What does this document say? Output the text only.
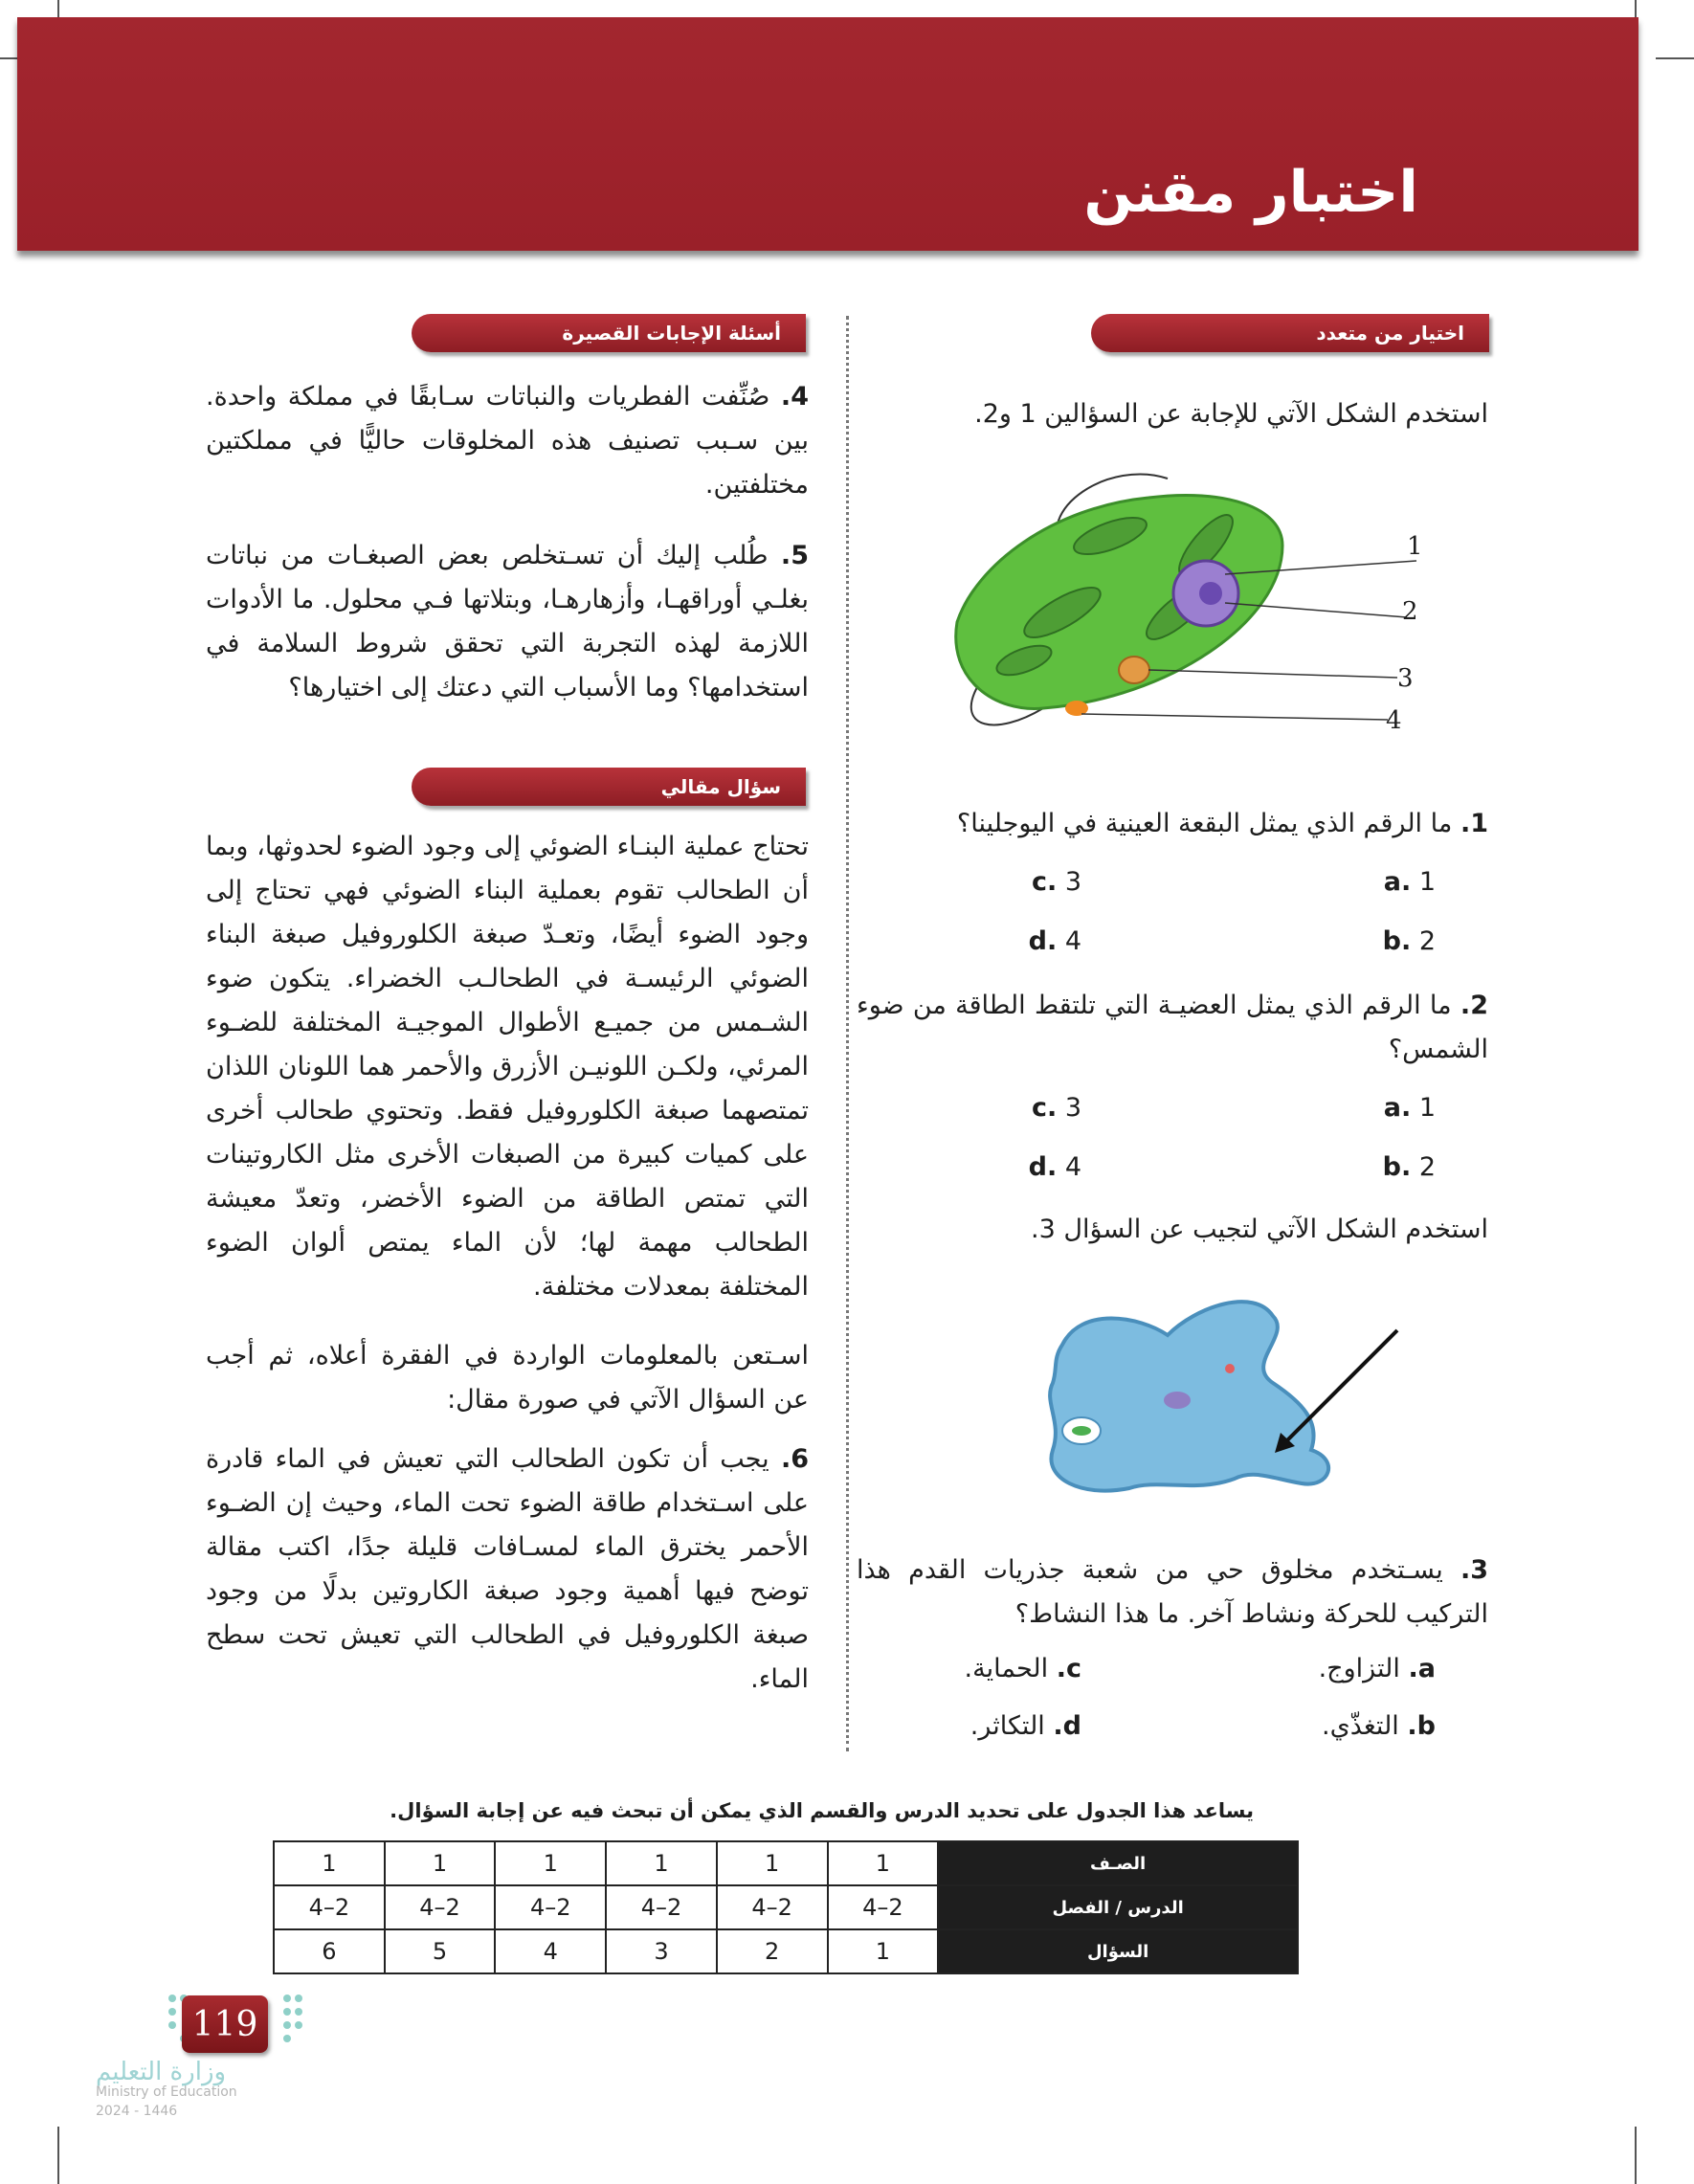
اختبار مقنن
اختيار من متعدد
أسئلة الإجابات القصيرة
سؤال مقالي
استخدم الشكل الآتي للإجابة عن السؤالين 1 و2.
1
2
3
4
1. ما الرقم الذي يمثل البقعة العينية في اليوجلينا؟
a. 1
c. 3
b. 2
d. 4
2. ما الرقم الذي يمثل العضيـة التي تلتقط الطاقة من ضوء الشمس؟
a. 1
c. 3
b. 2
d. 4
استخدم الشكل الآتي لتجيب عن السؤال 3.
3. يسـتخدم مخلوق حي من شعبة جذريات القدم هذا التركيب للحركة ونشاط آخر. ما هذا النشاط؟
a. التزاوج.
c. الحماية.
b. التغذّي.
d. التكاثر.
4. صُنِّفت الفطريات والنباتات سـابقًا في مملكة واحدة. بين سـبب تصنيف هذه المخلوقات حاليًّا في مملكتين مختلفتين.
5. طُلب إليك أن تسـتخلص بعض الصبغـات من نباتات بغلـي أوراقهـا، وأزهارهـا، وبتلاتها فـي محلول. ما الأدوات اللازمة لهذه التجربة التي تحقق شروط السلامة في استخدامها؟ وما الأسباب التي دعتك إلى اختيارها؟
تحتاج عملية البنـاء الضوئي إلى وجود الضوء لحدوثها، وبما أن الطحالب تقوم بعملية البناء الضوئي فهي تحتاج إلى وجود الضوء أيضًا، وتعـدّ صبغة الكلوروفيل صبغة البناء الضوئي الرئيسـة في الطحالـب الخضراء. يتكون ضوء الشـمس من جميـع الأطوال الموجيـة المختلفة للضـوء المرئي، ولكـن اللونيـن الأزرق والأحمر هما اللونان اللذان تمتصهما صبغة الكلوروفيل فقط. وتحتوي طحالب أخرى على كميات كبيرة من الصبغات الأخرى مثل الكاروتينات التي تمتص الطاقة من الضوء الأخضر، وتعدّ معيشة الطحالب مهمة لها؛ لأن الماء يمتص ألوان الضوء المختلفة بمعدلات مختلفة.
اسـتعن بالمعلومات الواردة في الفقرة أعلاه، ثم أجب عن السؤال الآتي في صورة مقال:
6. يجب أن تكون الطحالب التي تعيش في الماء قادرة على اسـتخدام طاقة الضوء تحت الماء، وحيث إن الضـوء الأحمر يخترق الماء لمسـافات قليلة جدًا، اكتب مقالة توضح فيها أهمية وجود صبغة الكاروتين بدلًا من وجود صبغة الكلوروفيل في الطحالب التي تعيش تحت سطح الماء.
يساعد هذا الجدول على تحديد الدرس والقسم الذي يمكن أن تبحث فيه عن إجابة السؤال.
1	1	1	1	1	1	الصـف
4–2	4–2	4–2	4–2	4–2	4–2	الدرس / الفصل
6	5	4	3	2	1	السؤال
119
وزارة التعليم
Ministry of Education
2024 - 1446
